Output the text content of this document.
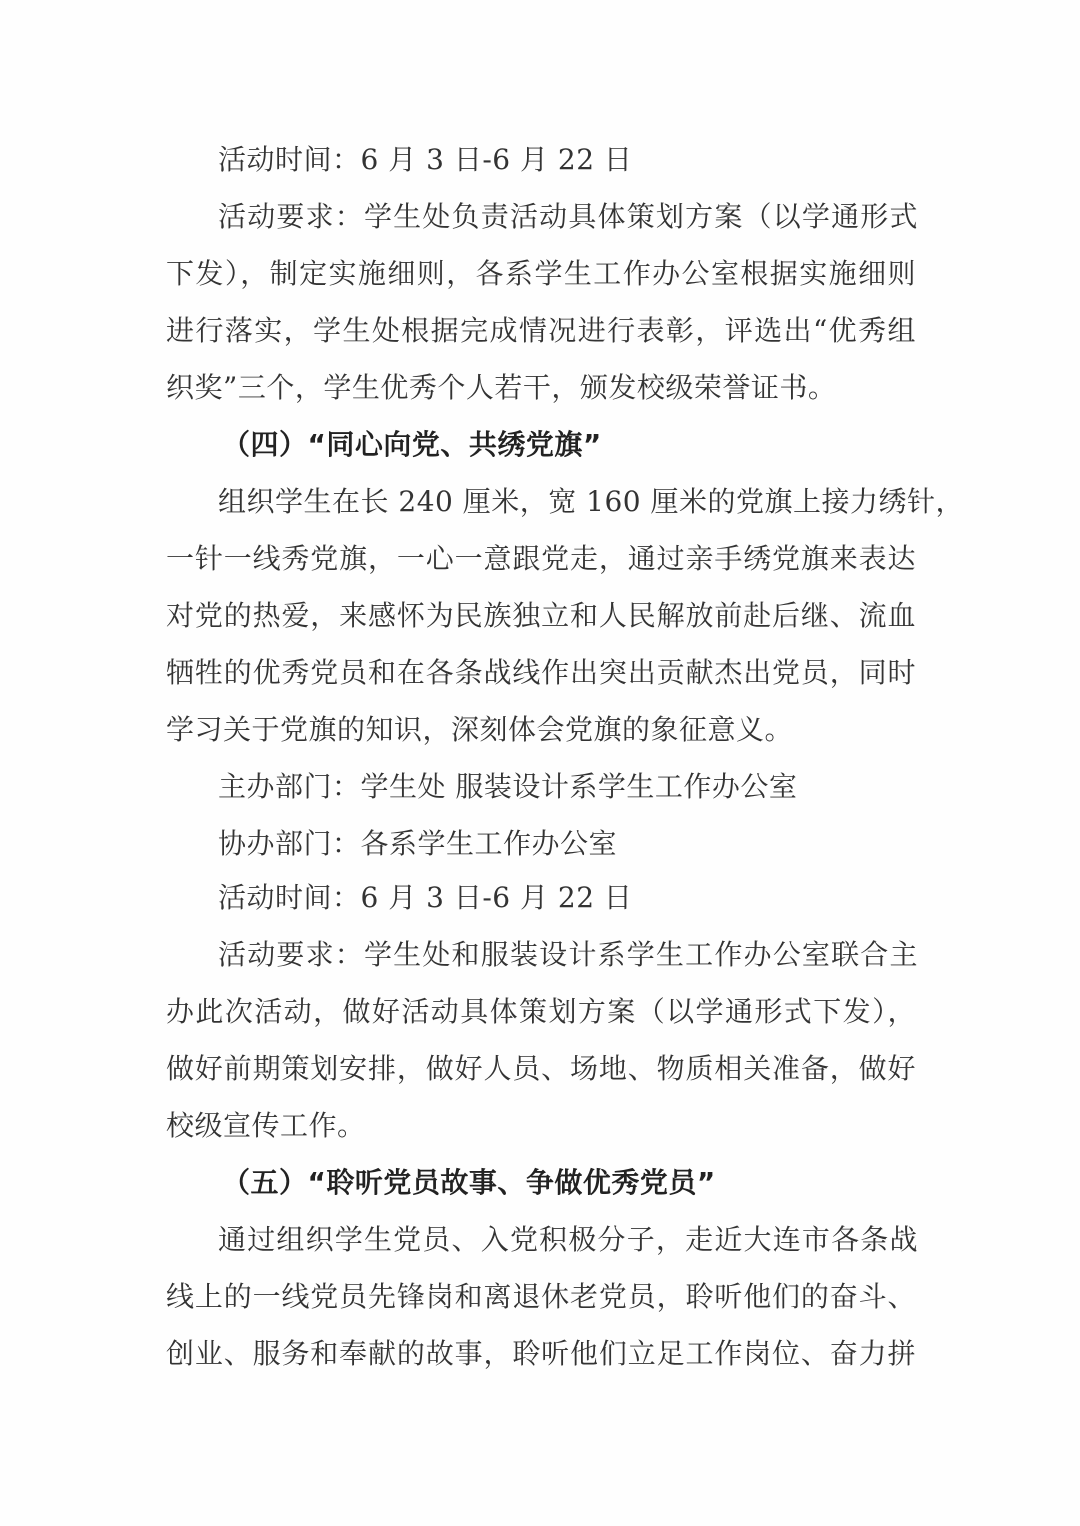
活动时间：6 月 3 日-6 月 22 日
活动要求：学生处负责活动具体策划方案（以学通形式
下发），制定实施细则，各系学生工作办公室根据实施细则
进行落实，学生处根据完成情况进行表彰，评选出“优秀组
织奖”三个，学生优秀个人若干，颁发校级荣誉证书。
（四）“同心向党、共绣党旗”
组织学生在长 240 厘米，宽 160 厘米的党旗上接力绣针，
一针一线秀党旗，一心一意跟党走，通过亲手绣党旗来表达
对党的热爱，来感怀为民族独立和人民解放前赴后继、流血
牺牲的优秀党员和在各条战线作出突出贡献杰出党员，同时
学习关于党旗的知识，深刻体会党旗的象征意义。
主办部门：学生处 服装设计系学生工作办公室
协办部门：各系学生工作办公室
活动时间：6 月 3 日-6 月 22 日
活动要求：学生处和服装设计系学生工作办公室联合主
办此次活动，做好活动具体策划方案（以学通形式下发），
做好前期策划安排，做好人员、场地、物质相关准备，做好
校级宣传工作。
（五）“聆听党员故事、争做优秀党员”
通过组织学生党员、入党积极分子，走近大连市各条战
线上的一线党员先锋岗和离退休老党员，聆听他们的奋斗、
创业、服务和奉献的故事，聆听他们立足工作岗位、奋力拼
